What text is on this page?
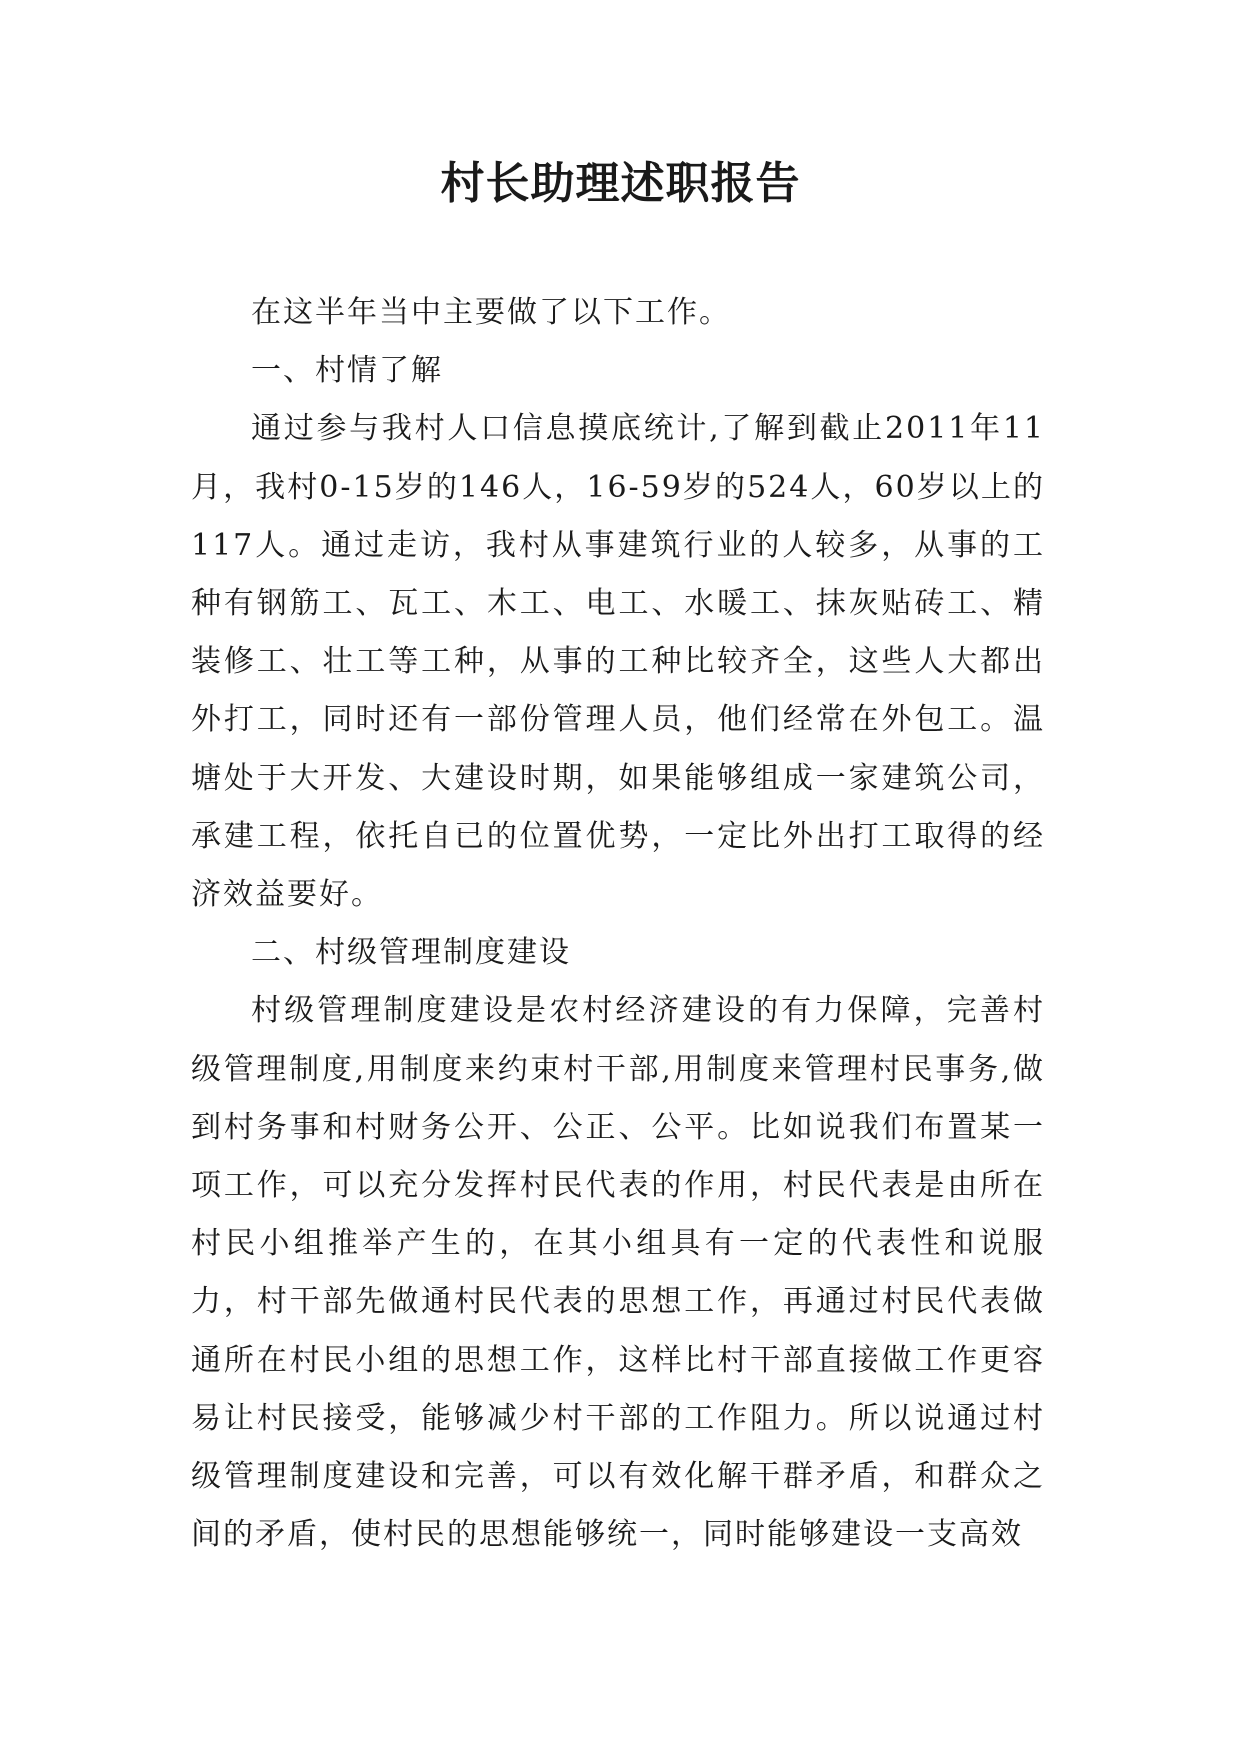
村长助理述职报告

在这半年当中主要做了以下工作。

一、村情了解

通过参与我村人口信息摸底统计,了解到截止2011年11月，我村0-15岁的146人，16-59岁的524人，60岁以上的117人。通过走访，我村从事建筑行业的人较多，从事的工种有钢筋工、瓦工、木工、电工、水暖工、抹灰贴砖工、精装修工、壮工等工种，从事的工种比较齐全，这些人大都出外打工，同时还有一部份管理人员，他们经常在外包工。温塘处于大开发、大建设时期，如果能够组成一家建筑公司，承建工程，依托自已的位置优势，一定比外出打工取得的经济效益要好。

二、村级管理制度建设

村级管理制度建设是农村经济建设的有力保障，完善村级管理制度,用制度来约束村干部,用制度来管理村民事务,做到村务事和村财务公开、公正、公平。比如说我们布置某一项工作，可以充分发挥村民代表的作用，村民代表是由所在村民小组推举产生的，在其小组具有一定的代表性和说服力，村干部先做通村民代表的思想工作，再通过村民代表做通所在村民小组的思想工作，这样比村干部直接做工作更容易让村民接受，能够减少村干部的工作阻力。所以说通过村级管理制度建设和完善，可以有效化解干群矛盾，和群众之间的矛盾，使村民的思想能够统一，同时能够建设一支高效
